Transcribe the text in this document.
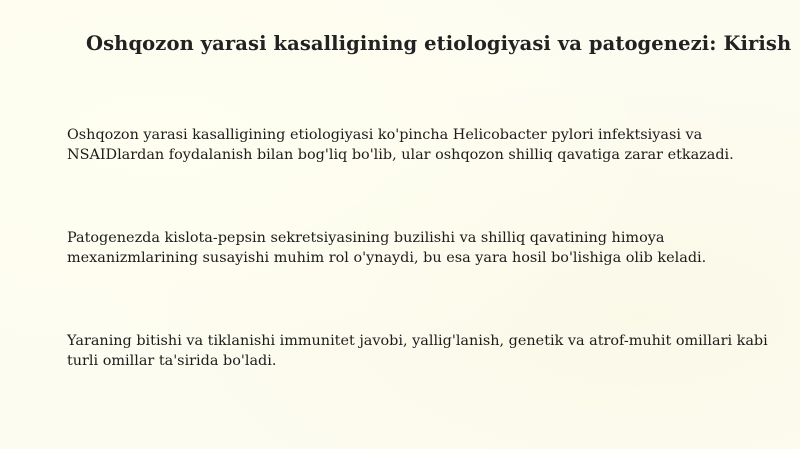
Oshqozon yarasi kasalligining etiologiyasi va patogenezi: Kirish
Oshqozon yarasi kasalligining etiologiyasi ko'pincha Helicobacter pylori infektsiyasi va NSAIDlardan foydalanish bilan bog'liq bo'lib, ular oshqozon shilliq qavatiga zarar etkazadi.
Patogenezda kislota-pepsin sekretsiyasining buzilishi va shilliq qavatining himoya mexanizmlarining susayishi muhim rol o'ynaydi, bu esa yara hosil bo'lishiga olib keladi.
Yaraning bitishi va tiklanishi immunitet javobi, yallig'lanish, genetik va atrof-muhit omillari kabi turli omillar ta'sirida bo'ladi.
